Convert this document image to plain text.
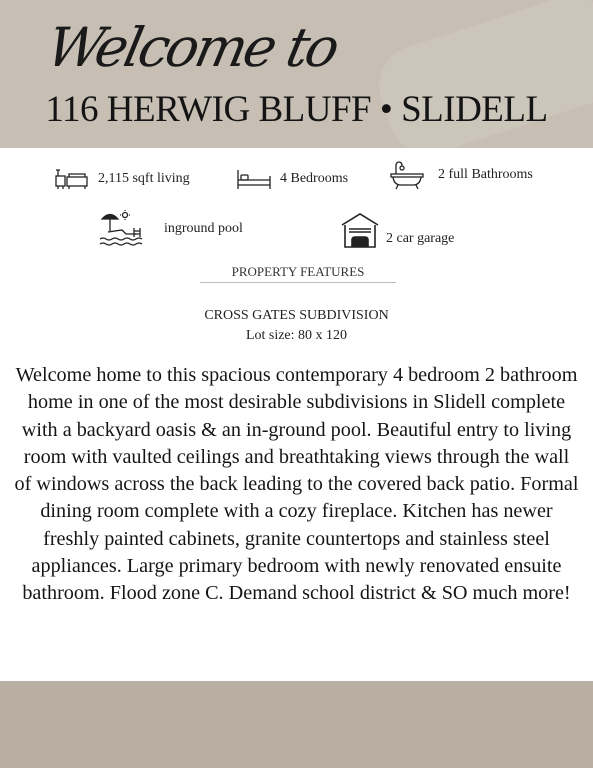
Welcome to
116 HERWIG BLUFF • SLIDELL
2,115 sqft living	4 Bedrooms	2 full Bathrooms
inground pool
2 car garage
PROPERTY FEATURES
CROSS GATES SUBDIVISION
Lot size: 80 x 120
Welcome home to this spacious contemporary 4 bedroom 2 bathroom home in one of the most desirable subdivisions in Slidell complete with a backyard oasis & an in-ground pool. Beautiful entry to living room with vaulted ceilings and breathtaking views through the wall of windows across the back leading to the covered back patio. Formal dining room complete with a cozy fireplace. Kitchen has newer freshly painted cabinets, granite countertops and stainless steel appliances. Large primary bedroom with newly renovated ensuite bathroom. Flood zone C. Demand school district & SO much more!
